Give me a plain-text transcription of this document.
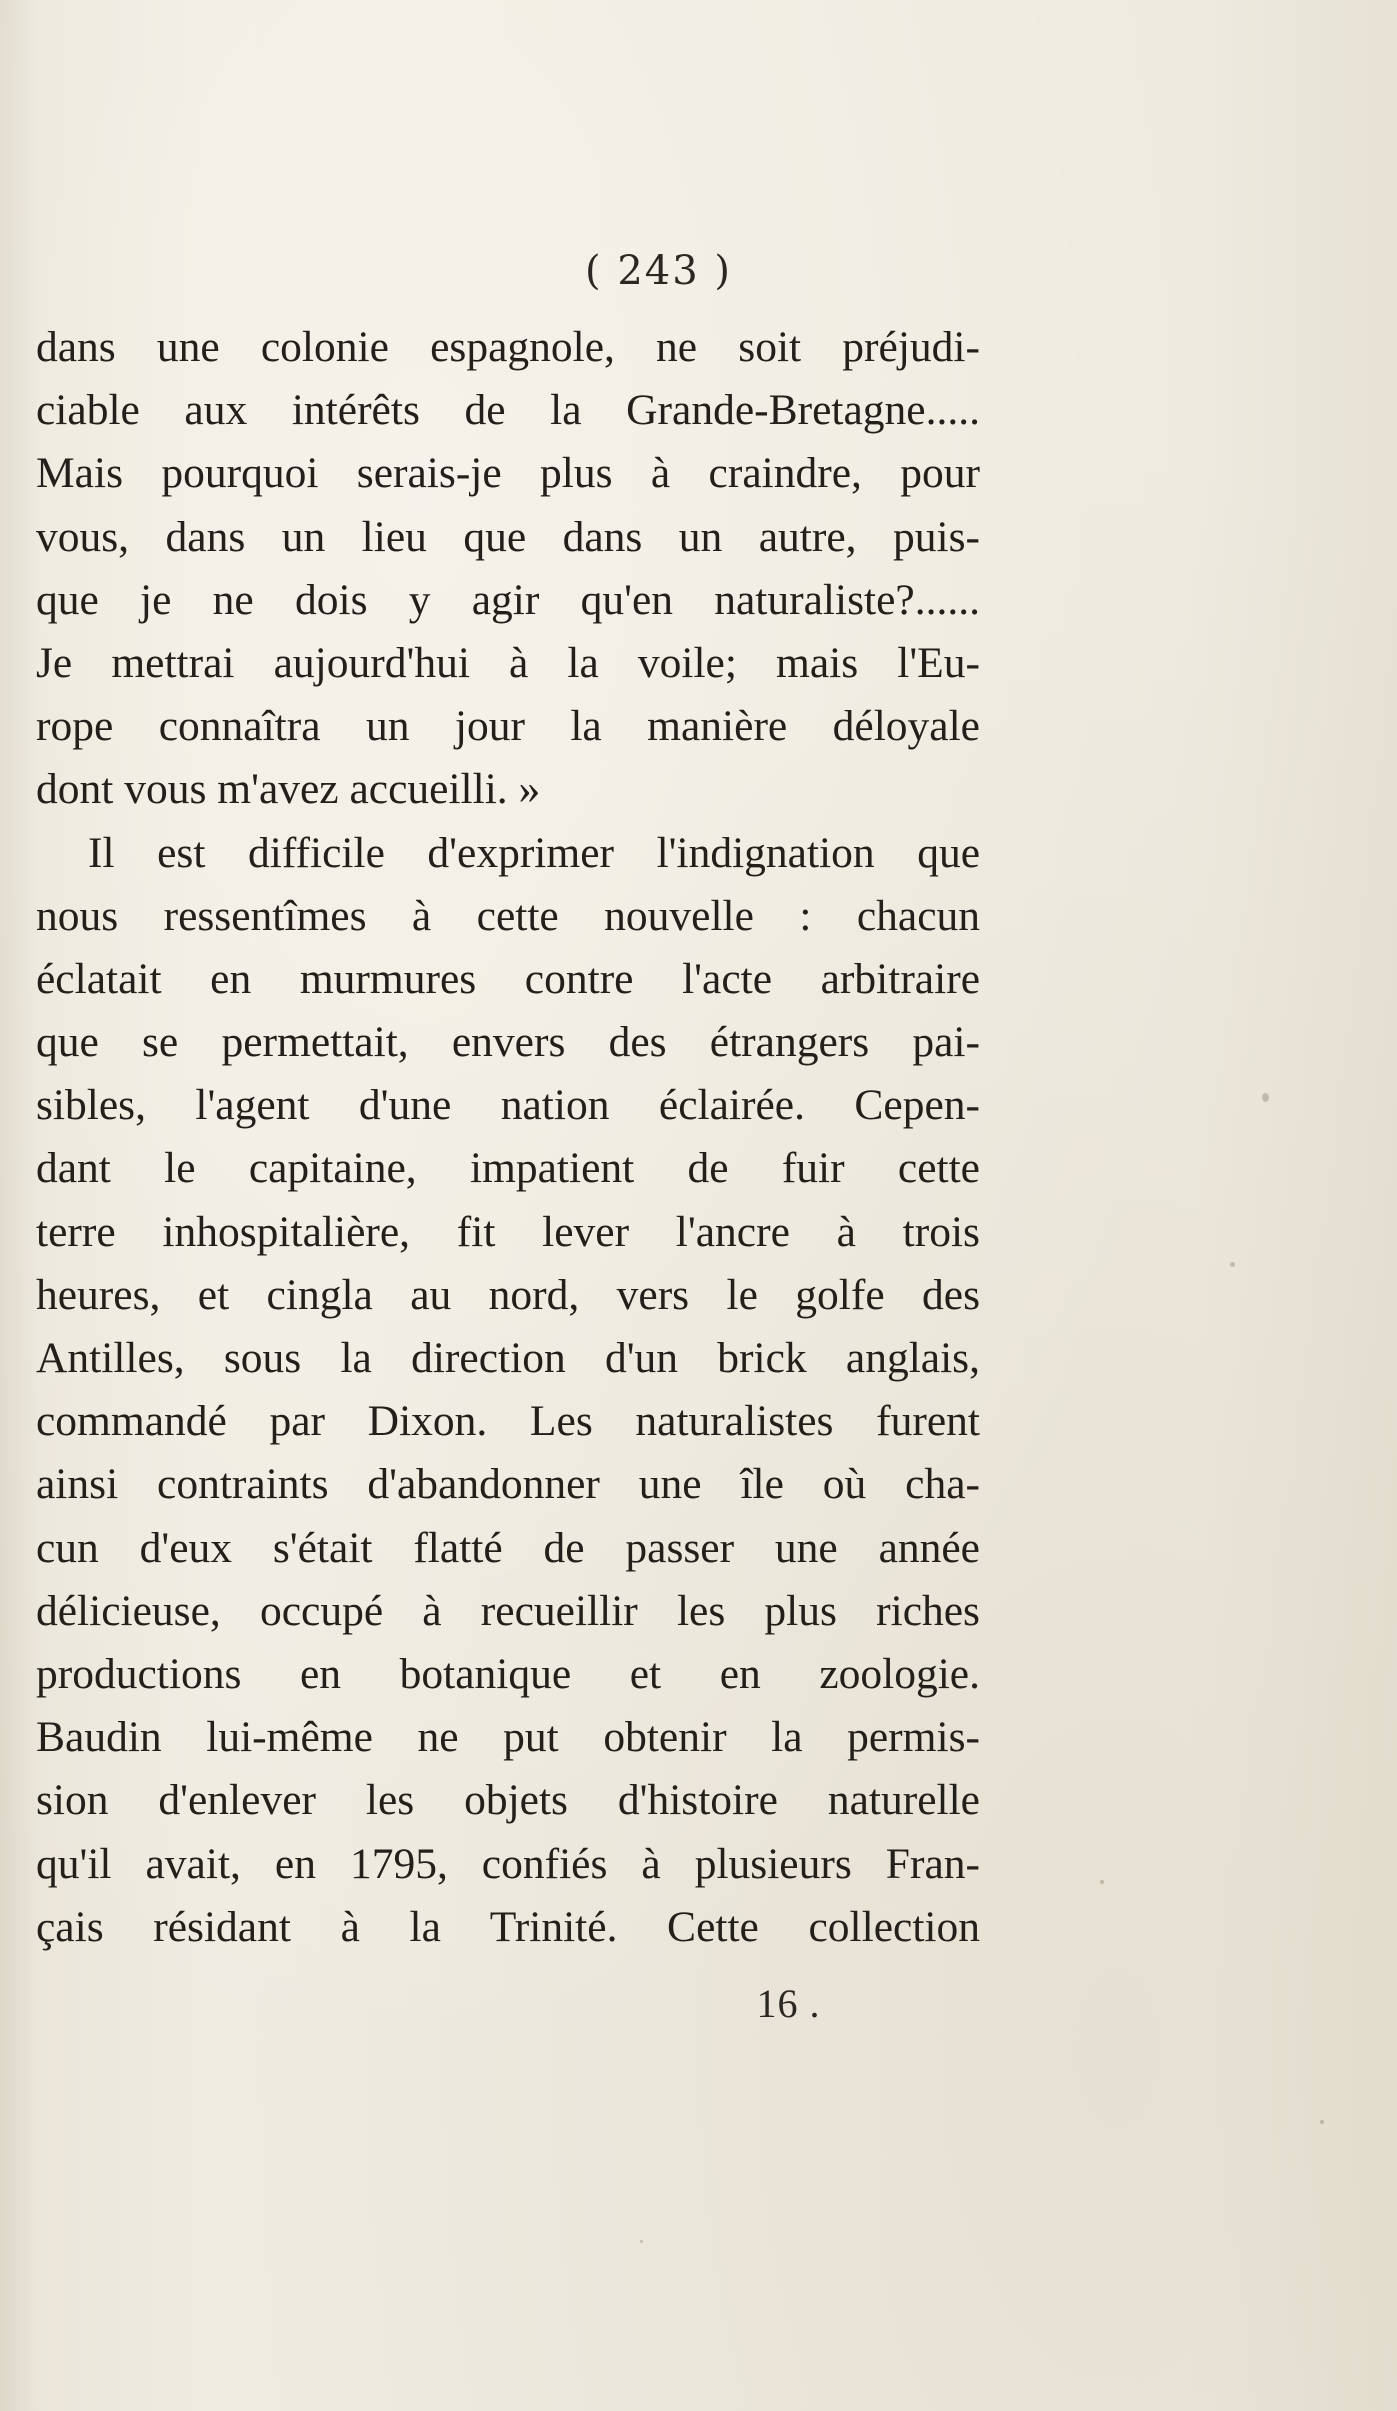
( 243 )
dans une colonie espagnole, ne soit préjudi-
ciable aux intérêts de la Grande-Bretagne.....
Mais pourquoi serais-je plus à craindre, pour
vous, dans un lieu que dans un autre, puis-
que je ne dois y agir qu'en naturaliste?......
Je mettrai aujourd'hui à la voile; mais l'Eu-
rope connaîtra un jour la manière déloyale
dont vous m'avez accueilli. »
Il est difficile d'exprimer l'indignation que
nous ressentîmes à cette nouvelle : chacun
éclatait en murmures contre l'acte arbitraire
que se permettait, envers des étrangers pai-
sibles, l'agent d'une nation éclairée. Cepen-
dant le capitaine, impatient de fuir cette
terre inhospitalière, fit lever l'ancre à trois
heures, et cingla au nord, vers le golfe des
Antilles, sous la direction d'un brick anglais,
commandé par Dixon. Les naturalistes furent
ainsi contraints d'abandonner une île où cha-
cun d'eux s'était flatté de passer une année
délicieuse, occupé à recueillir les plus riches
productions en botanique et en zoologie.
Baudin lui-même ne put obtenir la permis-
sion d'enlever les objets d'histoire naturelle
qu'il avait, en 1795, confiés à plusieurs Fran-
çais résidant à la Trinité. Cette collection
16 .
